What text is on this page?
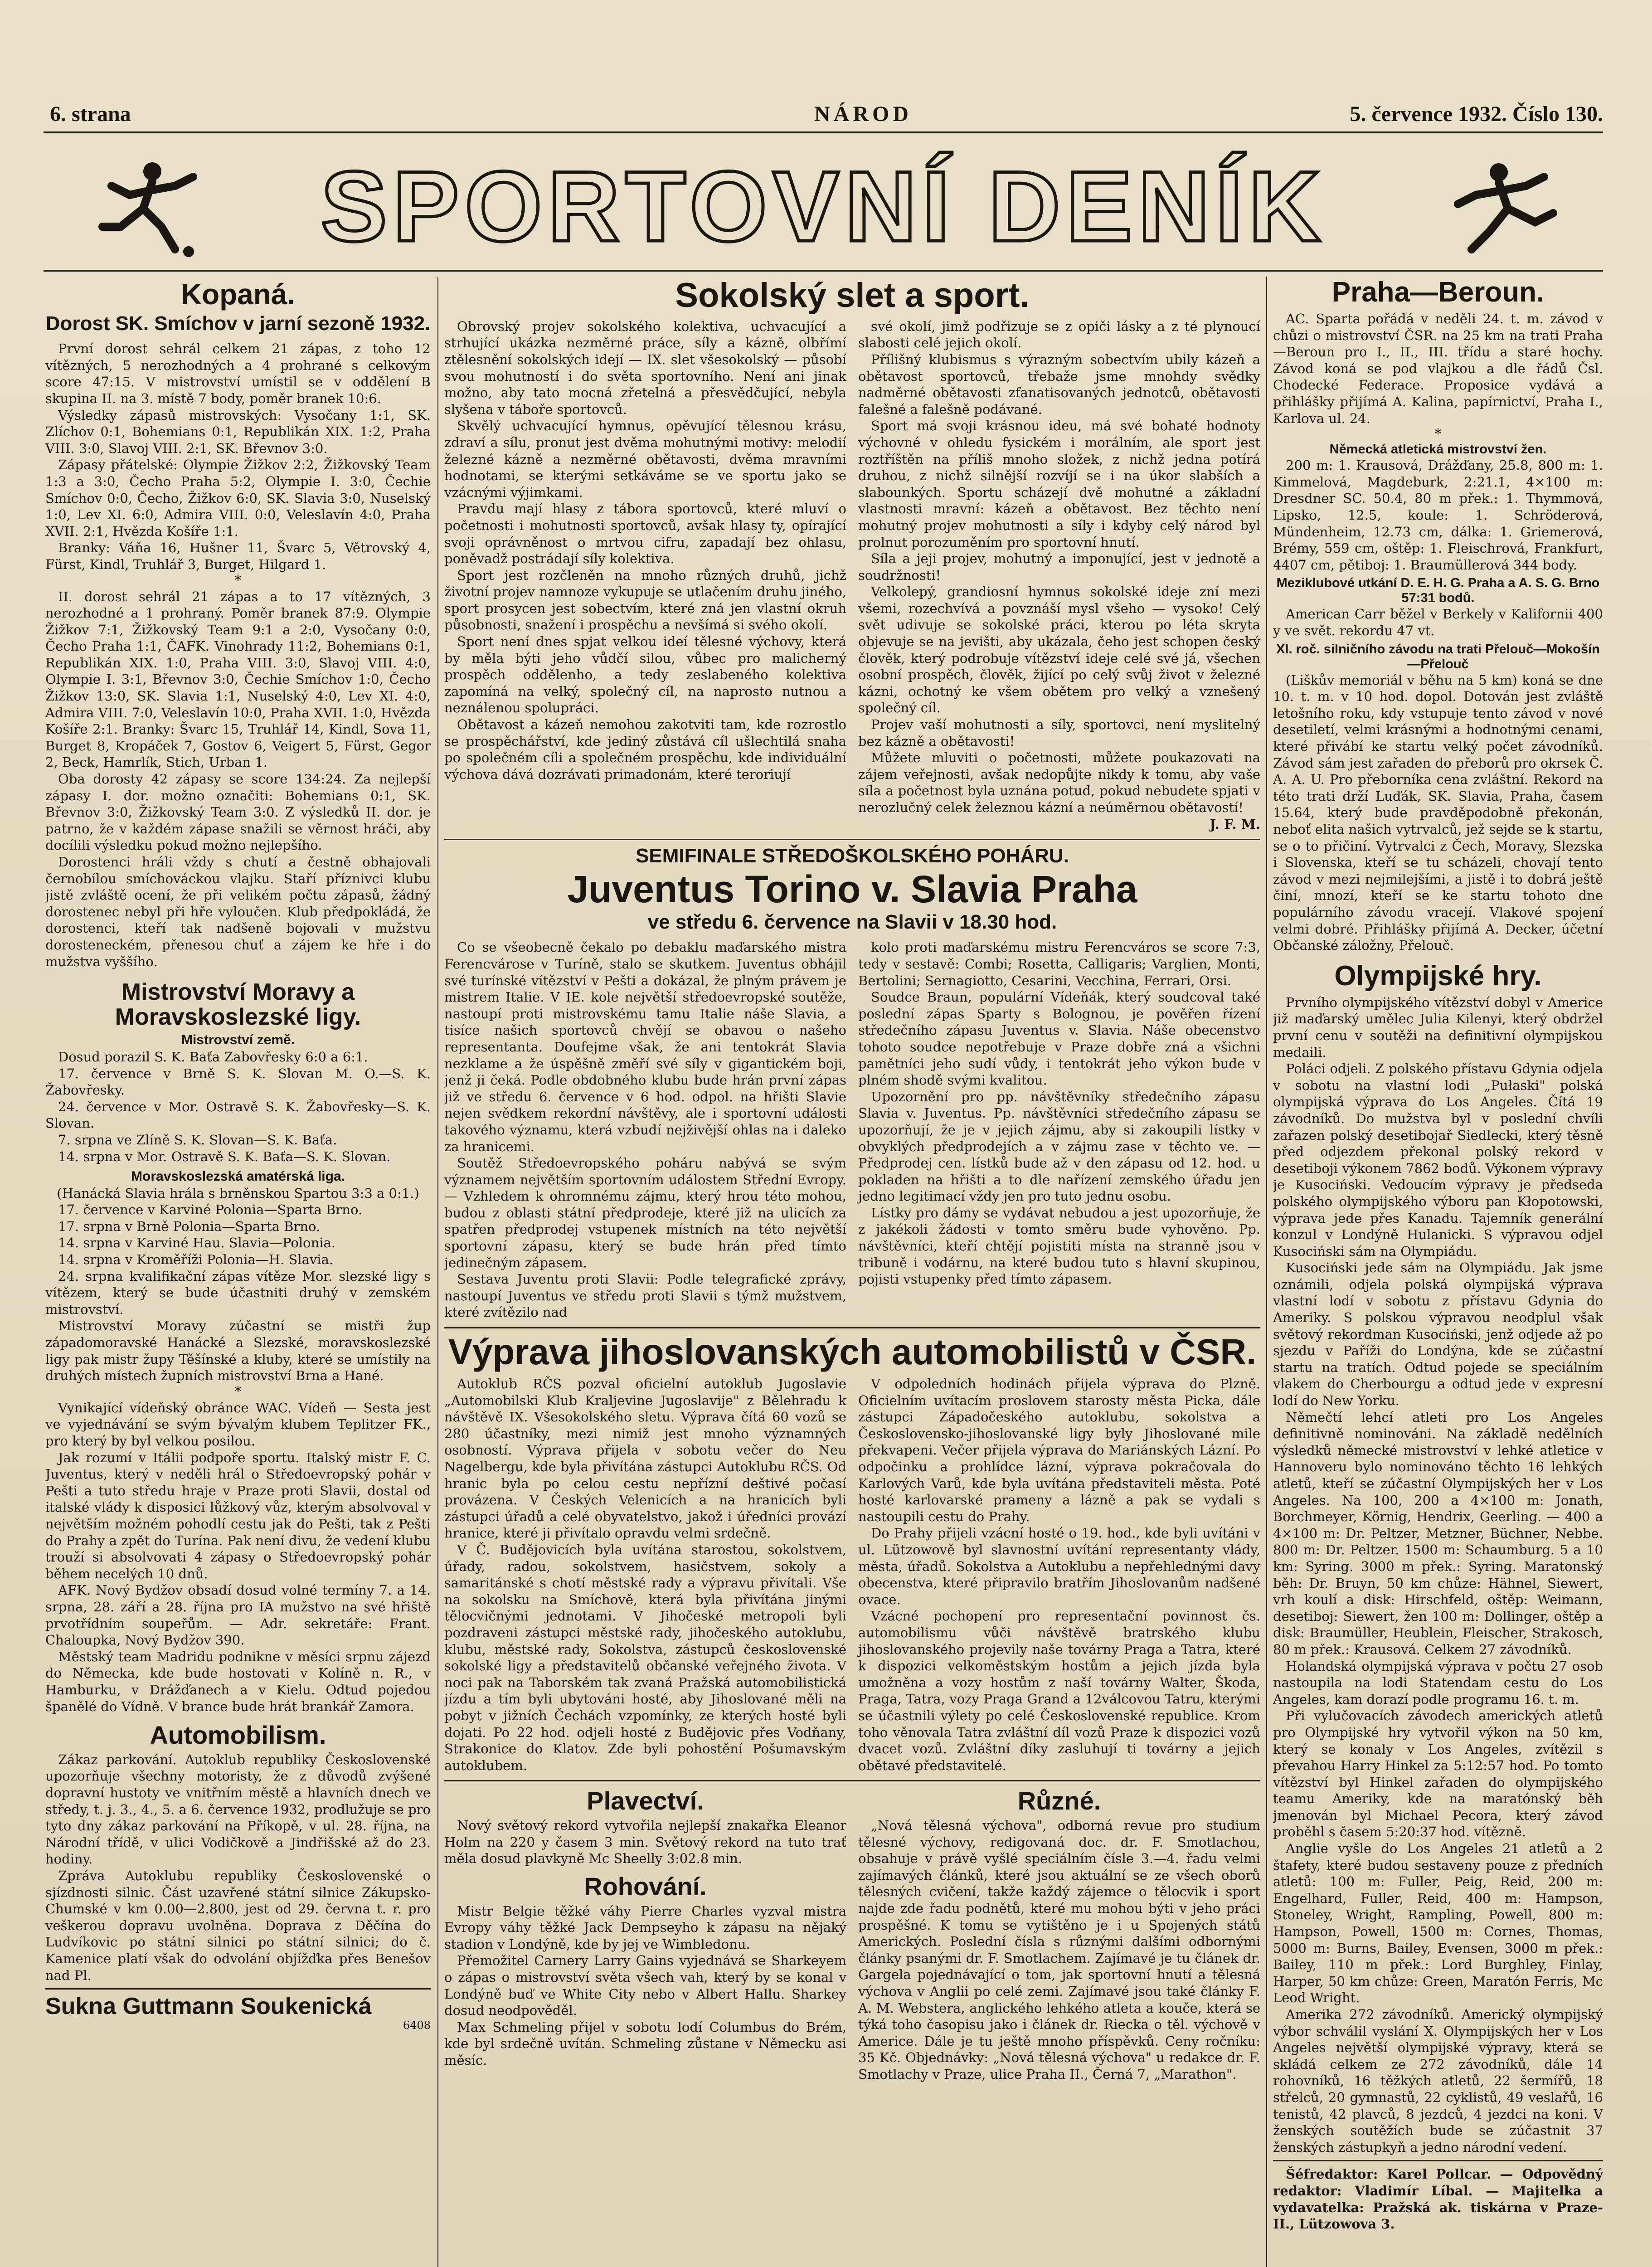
6. strana	NÁROD	5. července 1932. Číslo 130.
SPORTOVNÍ DENÍK
Kopaná.
Dorost SK. Smíchov v jarní sezoně 1932.

První dorost sehrál celkem 21 zápas, z toho 12 vítězných, 5 nerozhodných a 4 prohrané s celkovým score 47:15. V mistrovství umístil se v oddělení B skupina II. na 3. místě 7 body, poměr branek 10:6.

Výsledky zápasů mistrovských: Vysočany 1:1, SK. Zlíchov 0:1, Bohemians 0:1, Republikán XIX. 1:2, Praha VIII. 3:0, Slavoj VIII. 2:1, SK. Břevnov 3:0.

Zápasy přátelské: Olympie Žižkov 2:2, Žižkovský Team 1:3 a 3:0, Čecho Praha 5:2, Olympie I. 3:0, Čechie Smíchov 0:0, Čecho, Žižkov 6:0, SK. Slavia 3:0, Nuselský 1:0, Lev XI. 6:0, Admira VIII. 0:0, Veleslavín 4:0, Praha XVII. 2:1, Hvězda Košíře 1:1.

Branky: Váňa 16, Hušner 11, Švarc 5, Větrovský 4, Fürst, Kindl, Truhlář 3, Burget, Hilgard 1.

*

II. dorost sehrál 21 zápas a to 17 vítězných, 3 nerozhodné a 1 prohraný. Poměr branek 87:9. Olympie Žižkov 7:1, Žižkovský Team 9:1 a 2:0, Vysočany 0:0, Čecho Praha 1:1, ČAFK. Vinohrady 11:2, Bohemians 0:1, Republikán XIX. 1:0, Praha VIII. 3:0, Slavoj VIII. 4:0, Olympie I. 3:1, Břevnov 3:0, Čechie Smíchov 1:0, Čecho Žižkov 13:0, SK. Slavia 1:1, Nuselský 4:0, Lev XI. 4:0, Admira VIII. 7:0, Veleslavín 10:0, Praha XVII. 1:0, Hvězda Košíře 2:1. Branky: Švarc 15, Truhlář 14, Kindl, Sova 11, Burget 8, Kropáček 7, Gostov 6, Veigert 5, Fürst, Gegor 2, Beck, Hamrlík, Stich, Urban 1.

Oba dorosty 42 zápasy se score 134:24. Za nejlepší zápasy I. dor. možno označiti: Bohemians 0:1, SK. Břevnov 3:0, Žižkovský Team 3:0. Z výsledků II. dor. je patrno, že v každém zápase snažili se věrnost hráči, aby docílili výsledku pokud možno nejlepšího.

Dorostenci hráli vždy s chutí a čestně obhajovali černobílou smíchováckou vlajku. Staří příznivci klubu jistě zvláště ocení, že při velikém počtu zápasů, žádný dorostenec nebyl při hře vyloučen. Klub předpokládá, že dorostenci, kteří tak nadšeně bojovali v mužstvu dorosteneckém, přenesou chuť a zájem ke hře i do mužstva vyššího.

Mistrovství Moravy a Moravskoslezské ligy.
Mistrovství země.

Dosud porazil S. K. Baťa Zabovřesky 6:0 a 6:1.

17. července v Brně S. K. Slovan M. O.—S. K. Žabovřesky.

24. července v Mor. Ostravě S. K. Žabovřesky—S. K. Slovan.

7. srpna ve Zlíně S. K. Slovan—S. K. Baťa.

14. srpna v Mor. Ostravě S. K. Baťa—S. K. Slovan.

Moravskoslezská amatérská liga.

(Hanácká Slavia hrála s brněnskou Spartou 3:3 a 0:1.)

17. července v Karviné Polonia—Sparta Brno.

17. srpna v Brně Polonia—Sparta Brno.

14. srpna v Karviné Hau. Slavia—Polonia.

14. srpna v Kroměříži Polonia—H. Slavia.

24. srpna kvalifikační zápas vítěze Mor. slezské ligy s vítězem, který se bude účastniti druhý v zemském mistrovství.

Mistrovství Moravy zúčastní se mistři žup západomoravské Hanácké a Slezské, moravskoslezské ligy pak mistr župy Těšínské a kluby, které se umístily na druhých místech župních mistrovství Brna a Hané.

*

Vynikající vídeňský obránce WAC. Vídeň — Sesta jest ve vyjednávání se svým bývalým klubem Teplitzer FK., pro který by byl velkou posilou.

Jak rozumí v Itálii podpoře sportu. Italský mistr F. C. Juventus, který v neděli hrál o Středoevropský pohár v Pešti a tuto středu hraje v Praze proti Slavii, dostal od italské vlády k disposici lůžkový vůz, kterým absolvoval v největším možném pohodlí cestu jak do Pešti, tak z Pešti do Prahy a zpět do Turína. Pak není divu, že vedení klubu trouží si absolvovati 4 zápasy o Středoevropský pohár během necelých 10 dnů.

AFK. Nový Bydžov obsadí dosud volné termíny 7. a 14. srpna, 28. září a 28. října pro IA mužstvo na své hřiště prvotřídním soupeřům. — Adr. sekretáře: Frant. Chaloupka, Nový Bydžov 390.

Městský team Madridu podnikne v měsíci srpnu zájezd do Německa, kde bude hostovati v Kolíně n. R., v Hamburku, v Drážďanech a v Kielu. Odtud pojedou španělé do Vídně. V brance bude hrát brankář Zamora.

Automobilism.

Zákaz parkování. Autoklub republiky Československé upozorňuje všechny motoristy, že z důvodů zvýšené dopravní hustoty ve vnitřním městě a hlavních dnech ve středy, t. j. 3., 4., 5. a 6. července 1932, prodlužuje se pro tyto dny zákaz parkování na Příkopě, v ul. 28. října, na Národní třídě, v ulici Vodičkově a Jindřišské až do 23. hodiny.

Zpráva Autoklubu republiky Československé o sjízdnosti silnic. Část uzavřené státní silnice Zákupsko-Chumské v km 0.00—2.800, jest od 29. června t. r. pro veškerou dopravu uvolněna. Doprava z Děčína do Ludvíkovic po státní silnici po státní silnici; do č. Kamenice platí však do odvolání objížďka přes Benešov nad Pl.

Sukna Guttmann Soukenická
6408
Sokolský slet a sport.

Obrovský projev sokolského kolektiva, uchvacující a strhující ukázka nezměrné práce, síly a kázně, olbřímí ztělesnění sokolských idejí — IX. slet všesokolský — působí svou mohutností i do světa sportovního. Není ani jinak možno, aby tato mocná zřetelná a přesvědčující, nebyla slyšena v táboře sportovců.

Skvělý uchvacující hymnus, opěvující tělesnou krásu, zdraví a sílu, pronut jest dvěma mohutnými motivy: melodií železné kázně a nezměrné obětavosti, dvěma mravními hodnotami, se kterými setkáváme se ve sportu jako se vzácnými výjimkami.

Pravdu mají hlasy z tábora sportovců, které mluví o početnosti i mohutnosti sportovců, avšak hlasy ty, opírající svoji oprávněnost o mrtvou cifru, zapadají bez ohlasu, poněvadž postrádají síly kolektiva.

Sport jest rozčleněn na mnoho různých druhů, jichž životní projev namnoze vykupuje se utlačením druhu jiného, sport prosycen jest sobectvím, které zná jen vlastní okruh působnosti, snažení i prospěchu a nevšímá si svého okolí.

Sport není dnes spjat velkou ideí tělesné výchovy, která by měla býti jeho vůdčí silou, vůbec pro malicherný prospěch oddělenho, a tedy zeslabeného kolektiva zapomíná na velký, společný cíl, na naprosto nutnou a neználenou spolupráci.

Obětavost a kázeň nemohou zakotviti tam, kde rozrostlo se prospěchářství, kde jediný zůstává cíl ušlechtilá snaha po společném cíli a společném prospěchu, kde individuální výchova dává dozrávati primadonám, které teroriují

své okolí, jimž podřizuje se z opiči lásky a z té plynoucí slabosti celé jejich okolí.

Přílišný klubismus s výrazným sobectvím ubily kázeň a obětavost sportovců, třebaže jsme mnohdy svědky nadměrné obětavosti zfanatisovaných jednotců, obětavosti falešné a falešně podávané.

Sport má svoji krásnou ideu, má své bohaté hodnoty výchovné v ohledu fysickém i morálním, ale sport jest roztříštěn na příliš mnoho složek, z nichž jedna potírá druhou, z nichž silnější rozvíjí se i na úkor slabších a slabounkých. Sportu scházejí dvě mohutné a základní vlastnosti mravní: kázeň a obětavost. Bez těchto není mohutný projev mohutnosti a síly i kdyby celý národ byl prolnut porozuměním pro sportovní hnutí.

Síla a jeji projev, mohutný a imponující, jest v jednotě a soudržnosti!

Velkolepý, grandiosní hymnus sokolské ideje zní mezi všemi, rozechvívá a povznáší mysl všeho — vysoko! Celý svět udivuje se sokolské práci, kterou po léta skryta objevuje se na jevišti, aby ukázala, čeho jest schopen český člověk, který podrobuje vítězství ideje celé své já, všechen osobní prospěch, člověk, žijící po celý svůj život v železné kázni, ochotný ke všem obětem pro velký a vznešený společný cíl.

Projev vaší mohutnosti a síly, sportovci, není myslitelný bez kázně a obětavosti!

Můžete mluviti o početnosti, můžete poukazovati na zájem veřejnosti, avšak nedopůjte nikdy k tomu, aby vaše síla a početnost byla uznána potud, pokud nebudete spjati v nerozlučný celek železnou kázní a neúměrnou obětavostí!

J. F. M.
SEMIFINALE STŘEDOŠKOLSKÉHO POHÁRU.
Juventus Torino v. Slavia Praha
ve středu 6. července na Slavii v 18.30 hod.

Co se všeobecně čekalo po debaklu maďarského mistra Ferencvárose v Turíně, stalo se skutkem. Juventus obhájil své turínské vítězství v Pešti a dokázal, že plným právem je mistrem Italie. V IE. kole největší středoevropské soutěže, nastoupí proti mistrovskému tamu Italie náše Slavia, a tisíce našich sportovců chvějí se obavou o našeho representanta. Doufejme však, že ani tentokrát Slavia nezklame a že úspěšně změří své síly v gigantickém boji, jenž ji čeká. Podle obdobného klubu bude hrán první zápas již ve středu 6. července v 6 hod. odpol. na hřišti Slavie nejen svědkem rekordní návštěvy, ale i sportovní události takového významu, která vzbudí nejživější ohlas na i daleko za hranicemi.

Soutěž Středoevropského poháru nabývá se svým významem největším sportovním událostem Střední Evropy. — Vzhledem k ohromnému zájmu, který hrou této mohou, budou z oblasti státní předprodeje, které již na ulicích za spatřen předprodej vstupenek místních na této největší sportovní zápasu, který se bude hrán před tímto jedinečným zápasem.

Sestava Juventu proti Slavii: Podle telegrafické zprávy, nastoupí Juventus ve středu proti Slavii s týmž mužstvem, které zvítězilo nad

kolo proti maďarskému mistru Ferencváros se score 7:3, tedy v sestavě: Combi; Rosetta, Calligaris; Varglien, Monti, Bertolini; Sernagiotto, Cesarini, Vecchina, Ferrari, Orsi.

Soudce Braun, populární Vídeňák, který soudcoval také poslední zápas Sparty s Bolognou, je pověřen řízení středečního zápasu Juventus v. Slavia. Náše obecenstvo tohoto soudce nepotřebuje v Praze dobře zná a všichni pamětníci jeho sudí vůdy, i tentokrát jeho výkon bude v plném shodě svými kvalitou.

Upozornění pro pp. návštěvníky středečního zápasu Slavia v. Juventus. Pp. návštěvníci středečního zápasu se upozorňují, že je v jejich zájmu, aby si zakoupili lístky v obvyklých předprodejích a v zájmu zase v těchto ve. — Předprodej cen. lístků bude až v den zápasu od 12. hod. u pokladen na hřišti a to dle nařízení zemského úřadu jen jedno legitimací vždy jen pro tuto jednu osobu.

Lístky pro dámy se vydávat nebudou a jest upozorňuje, že z jakékoli žádosti v tomto směru bude vyhověno. Pp. návštěvníci, kteří chtějí pojistiti místa na stranně jsou v tribuně i vodárnu, na které budou tuto s hlavní skupinou, pojisti vstupenky před tímto zápasem.

Výprava jihoslovanských automobilistů v ČSR.

Autoklub RČS pozval oficielní autoklub Jugoslavie „Automobilski Klub Kraljevine Jugoslavije" z Bělehradu k návštěvě IX. Všesokolského sletu. Výprava čítá 60 vozů se 280 účastníky, mezi nimiž jest mnoho významných osobností. Výprava přijela v sobotu večer do Neu Nagelbergu, kde byla přivítána zástupci Autoklubu RČS. Od hranic byla po celou cestu nepřízní deštivé počasí provázena. V Českých Velenicích a na hranicích byli zástupci úřadů a celé obyvatelstvo, jakož i úředníci provází hranice, které ji přivítalo opravdu velmi srdečně.

V Č. Budějovicích byla uvítána starostou, sokolstvem, úřady, radou, sokolstvem, hasičstvem, sokoly a samaritánské s chotí městské rady a výpravu přivítali. Vše na sokolsku na Smíchově, která byla přivítána jinými tělocvičnými jednotami. V Jihočeské metropoli byli pozdraveni zástupci městské rady, jihočeského autoklubu, klubu, městské rady, Sokolstva, zástupců československé sokolské ligy a představitelů občanské veřejného života. V noci pak na Taborském tak zvaná Pražská automobilistická jízdu a tím byli ubytováni hosté, aby Jihoslované měli na pobyt v jižních Čechách vzpomínky, ze kterých hosté byli dojati. Po 22 hod. odjeli hosté z Budějovic přes Vodňany, Strakonice do Klatov. Zde byli pohostění Pošumavským autoklubem.

V odpoledních hodinách přijela výprava do Plzně. Oficielním uvítacím proslovem starosty města Picka, dále zástupci Západočeského autoklubu, sokolstva a Československo-jihoslovanské ligy byly Jihoslované mile překvapeni. Večer přijela výprava do Mariánských Lázní. Po odpočinku a prohlídce lázní, výprava pokračovala do Karlových Varů, kde byla uvítána představiteli města. Poté hosté karlovarské prameny a lázně a pak se vydali s nastoupili cestu do Prahy.

Do Prahy přijeli vzácní hosté o 19. hod., kde byli uvítáni v ul. Lützowově byl slavnostní uvítání representanty vlády, města, úřadů. Sokolstva a Autoklubu a nepřehlednými davy obecenstva, které připravilo bratřím Jihoslovanům nadšené ovace.

Vzácné pochopení pro representační povinnost čs. automobilismu vůči návštěvě bratrského klubu jihoslovanského projevily naše továrny Praga a Tatra, které k dispozici velkoměstským hostům a jejich jízda byla umožněna a vozy hostům z naší továrny Walter, Škoda, Praga, Tatra, vozy Praga Grand a 12válcovou Tatru, kterými se účastnili výlety po celé Československé republice. Krom toho věnovala Tatra zvláštní díl vozů Praze k dispozici vozů dvacet vozů. Zvláštní díky zasluhují ti továrny a jejich obětavé představitelé.

Plavectví.

Nový světový rekord vytvořila nejlepší znakařka Eleanor Holm na 220 y časem 3 min. Světový rekord na tuto trať měla dosud plavkyně Mc Sheelly 3:02.8 min.

Rohování.

Mistr Belgie těžké váhy Pierre Charles vyzval mistra Evropy váhy těžké Jack Dempseyho k zápasu na nějaký stadion v Londýně, kde by jej ve Wimbledonu.

Přemožitel Carnery Larry Gains vyjednává se Sharkeyem o zápas o mistrovství světa všech vah, který by se konal v Londýně buď ve White City nebo v Albert Hallu. Sharkey dosud neodpověděl.

Max Schmeling přijel v sobotu lodí Columbus do Brém, kde byl srdečně uvítán. Schmeling zůstane v Německu asi měsíc.

Různé.

„Nová tělesná výchova", odborná revue pro studium tělesné výchovy, redigovaná doc. dr. F. Smotlachou, obsahuje v právě vyšlé speciálním čísle 3.—4. řadu velmi zajímavých článků, které jsou aktuální se ze všech oborů tělesných cvičení, takže každý zájemce o tělocvik i sport najde zde řadu podnětů, které mu mohou býti v jeho práci prospěšné. K tomu se vytištěno je i u Spojených států Amerických. Poslední čísla s různými dalšími odbornými články psanými dr. F. Smotlachem. Zajímavé je tu článek dr. Gargela pojednávající o tom, jak sportovní hnutí a tělesná výchova v Anglii po celé zemi. Zajímavé jsou také články F. A. M. Webstera, anglického lehkého atleta a kouče, která se týká toho časopisu jako i článek dr. Riecka o těl. výchově v Americe. Dále je tu ještě mnoho příspěvků. Ceny ročníku: 35 Kč. Objednávky: „Nová tělesná výchova" u redakce dr. F. Smotlachy v Praze, ulice Praha II., Černá 7, „Marathon".

Praha—Beroun.

AC. Sparta pořádá v neděli 24. t. m. závod v chůzi o mistrovství ČSR. na 25 km na trati Praha—Beroun pro I., II., III. třídu a staré hochy. Závod koná se pod vlajkou a dle řádů Čsl. Chodecké Federace. Proposice vydává a přihlášky přijímá A. Kalina, papírnictví, Praha I., Karlova ul. 24.

*
Německá atletická mistrovství žen.

200 m: 1. Krausová, Drážďany, 25.8, 800 m: 1. Kimmelová, Magdeburk, 2:21.1, 4×100 m: Dresdner SC. 50.4, 80 m přek.: 1. Thymmová, Lipsko, 12.5, koule: 1. Schröderová, Mündenheim, 12.73 cm, dálka: 1. Griemerová, Brémy, 559 cm, oštěp: 1. Fleischrová, Frankfurt, 4407 cm, pětiboj: 1. Braumüllerová 344 body.

Meziklubové utkání D. E. H. G. Praha a A. S. G. Brno 57:31 bodů.

American Carr běžel v Berkely v Kalifornii 400 y ve svět. rekordu 47 vt.

XI. roč. silničního závodu na trati Přelouč—Mokošín—Přelouč

(Liškův memoriál v běhu na 5 km) koná se dne 10. t. m. v 10 hod. dopol. Dotován jest zvláště letošního roku, kdy vstupuje tento závod v nové desetiletí, velmi krásnými a hodnotnými cenami, které přivábí ke startu velký počet závodníků. Závod sám jest zařaden do přeborů pro okrsek Č. A. A. U. Pro přeborníka cena zvláštní. Rekord na této trati drží Luďák, SK. Slavia, Praha, časem 15.64, který bude pravděpodobně překonán, neboť elita našich vytrvalců, jež sejde se k startu, se o to přičiní. Vytrvalci z Čech, Moravy, Slezska i Slovenska, kteří se tu scházeli, chovají tento závod v mezi nejmilejšími, a jistě i to dobrá ještě činí, mnozí, kteří se ke startu tohoto dne populárního závodu vracejí. Vlakové spojení velmi dobré. Přihlášky přijímá A. Decker, účetní Občanské záložny, Přelouč.

Olympijské hry.

Prvního olympijského vítězství dobyl v Americe již maďarský umělec Julia Kilenyi, který obdržel první cenu v soutěži na definitivní olympijskou medaili.

Poláci odjeli. Z polského přístavu Gdynia odjela v sobotu na vlastní lodi „Pułaski" polská olympijská výprava do Los Angeles. Čítá 19 závodníků. Do mužstva byl v poslední chvíli zařazen polský desetibojař Siedlecki, který těsně před odjezdem překonal polský rekord v desetiboji výkonem 7862 bodů. Výkonem výpravy je Kusociński. Vedoucím výpravy je předseda polského olympijského výboru pan Kłopotowski, výprava jede přes Kanadu. Tajemník generální konzul v Londýně Hulanicki. S výpravou odjel Kusociński sám na Olympiádu.

Kusociński jede sám na Olympiádu. Jak jsme oznámili, odjela polská olympijská výprava vlastní lodí v sobotu z přístavu Gdynia do Ameriky. S polskou výpravou neodplul však světový rekordman Kusociński, jenž odjede až po sjezdu v Paříži do Londýna, kde se zúčastní startu na tratích. Odtud pojede se speciálním vlakem do Cherbourgu a odtud jede v expresní lodí do New Yorku.

Němečtí lehcí atleti pro Los Angeles definitivně nominováni. Na základě nedělních výsledků německé mistrovství v lehké atletice v Hannoveru bylo nominováno těchto 16 lehkých atletů, kteří se zúčastní Olympijských her v Los Angeles. Na 100, 200 a 4×100 m: Jonath, Borchmeyer, Körnig, Hendrix, Geerling. — 400 a 4×100 m: Dr. Peltzer, Metzner, Büchner, Nebbe. 800 m: Dr. Peltzer. 1500 m: Schaumburg. 5 a 10 km: Syring. 3000 m přek.: Syring. Maratonský běh: Dr. Bruyn, 50 km chůze: Hähnel, Siewert, vrh koulí a disk: Hirschfeld, oštěp: Weimann, desetiboj: Siewert, žen 100 m: Dollinger, oštěp a disk: Braumüller, Heublein, Fleischer, Strakosch, 80 m přek.: Krausová. Celkem 27 závodníků.

Holandská olympijská výprava v počtu 27 osob nastoupila na lodi Statendam cestu do Los Angeles, kam dorazí podle programu 16. t. m.

Při vylučovacích závodech amerických atletů pro Olympijské hry vytvořil výkon na 50 km, který se konaly v Los Angeles, zvítězil s převahou Harry Hinkel za 5:12:57 hod. Po tomto vítězství byl Hinkel zařaden do olympijského teamu Ameriky, kde na maratónský běh jmenován byl Michael Pecora, který závod proběhl s časem 5:20:37 hod. vítězně.

Anglie vyšle do Los Angeles 21 atletů a 2 štafety, které budou sestaveny pouze z předních atletů: 100 m: Fuller, Peig, Reid, 200 m: Engelhard, Fuller, Reid, 400 m: Hampson, Stoneley, Wright, Rampling, Powell, 800 m: Hampson, Powell, 1500 m: Cornes, Thomas, 5000 m: Burns, Bailey, Evensen, 3000 m přek.: Bailey, 110 m přek.: Lord Burghley, Finlay, Harper, 50 km chůze: Green, Maratón Ferris, Mc Leod Wright.

Amerika 272 závodníků. Americký olympijský výbor schválil vyslání X. Olympijských her v Los Angeles největší olympijské výpravy, která se skládá celkem ze 272 závodníků, dále 14 rohovníků, 16 těžkých atletů, 22 šermířů, 18 střelců, 20 gymnastů, 22 cyklistů, 49 veslařů, 16 tenistů, 42 plavců, 8 jezdců, 4 jezdci na koni. V ženských soutěžích bude se zúčastnit 37 ženských zástupkyň a jedno národní vedení.

Šéfredaktor: Karel Pollcar. — Odpovědný redaktor: Vladimír Líbal. — Majitelka a vydavatelka: Pražská ak. tiskárna v Praze-II., Lützowova 3.
